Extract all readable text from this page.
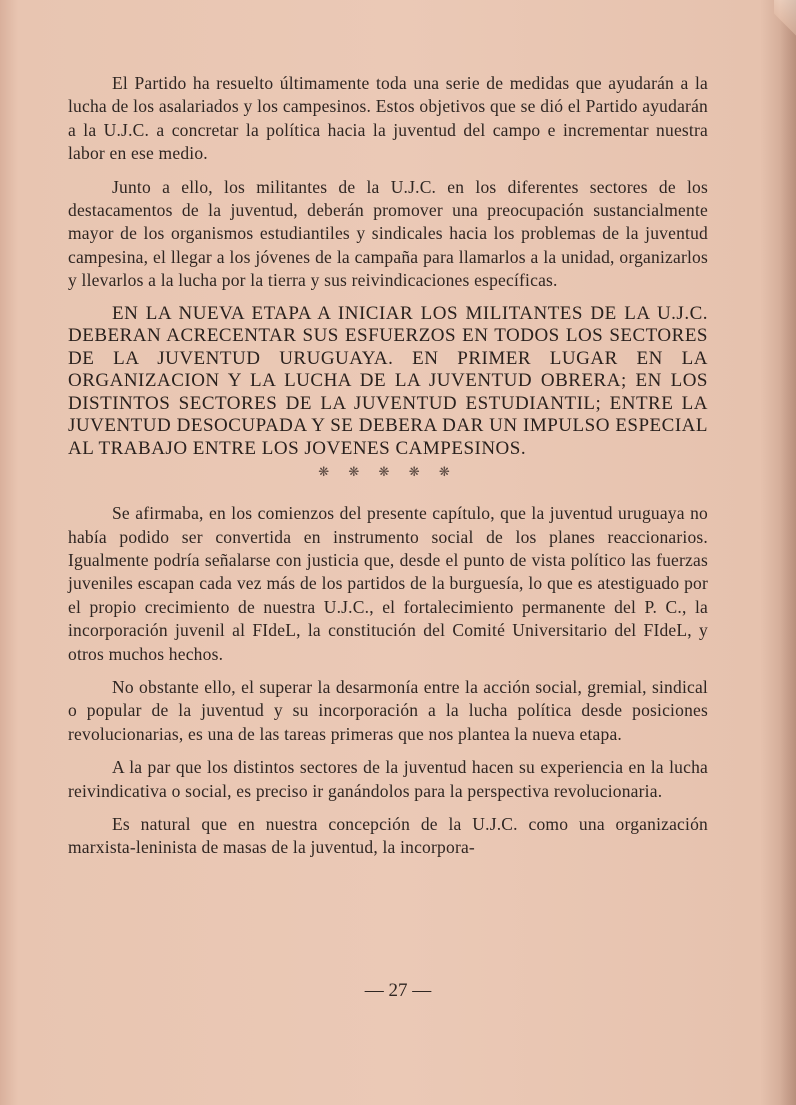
El Partido ha resuelto últimamente toda una serie de medidas que ayudarán a la lucha de los asalariados y los campesinos. Estos objetivos que se dió el Partido ayudarán a la U.J.C. a concretar la política hacia la juventud del campo e incrementar nuestra labor en ese medio.

Junto a ello, los militantes de la U.J.C. en los diferentes sectores de los destacamentos de la juventud, deberán promover una preocupación sustancialmente mayor de los organismos estudiantiles y sindicales hacia los problemas de la juventud campesina, el llegar a los jóvenes de la campaña para llamarlos a la unidad, organizarlos y llevarlos a la lucha por la tierra y sus reivindicaciones específicas.

EN LA NUEVA ETAPA A INICIAR LOS MILITANTES DE LA U.J.C. DEBERAN ACRECENTAR SUS ESFUERZOS EN TODOS LOS SECTORES DE LA JUVENTUD URUGUAYA. EN PRIMER LUGAR EN LA ORGANIZACION Y LA LUCHA DE LA JUVENTUD OBRERA; EN LOS DISTINTOS SECTORES DE LA JUVENTUD ESTUDIANTIL; ENTRE LA JUVENTUD DESOCUPADA Y SE DEBERA DAR UN IMPULSO ESPECIAL AL TRABAJO ENTRE LOS JOVENES CAMPESINOS.

❋ ❋ ❋ ❋ ❋

Se afirmaba, en los comienzos del presente capítulo, que la juventud uruguaya no había podido ser convertida en instrumento social de los planes reaccionarios. Igualmente podría señalarse con justicia que, desde el punto de vista político las fuerzas juveniles escapan cada vez más de los partidos de la burguesía, lo que es atestiguado por el propio crecimiento de nuestra U.J.C., el fortalecimiento permanente del P. C., la incorporación juvenil al FIdeL, la constitución del Comité Universitario del FIdeL, y otros muchos hechos.

No obstante ello, el superar la desarmonía entre la acción social, gremial, sindical o popular de la juventud y su incorporación a la lucha política desde posiciones revolucionarias, es una de las tareas primeras que nos plantea la nueva etapa.

A la par que los distintos sectores de la juventud hacen su experiencia en la lucha reivindicativa o social, es preciso ir ganándolos para la perspectiva revolucionaria.

Es natural que en nuestra concepción de la U.J.C. como una organización marxista-leninista de masas de la juventud, la incorpora-

— 27 —
